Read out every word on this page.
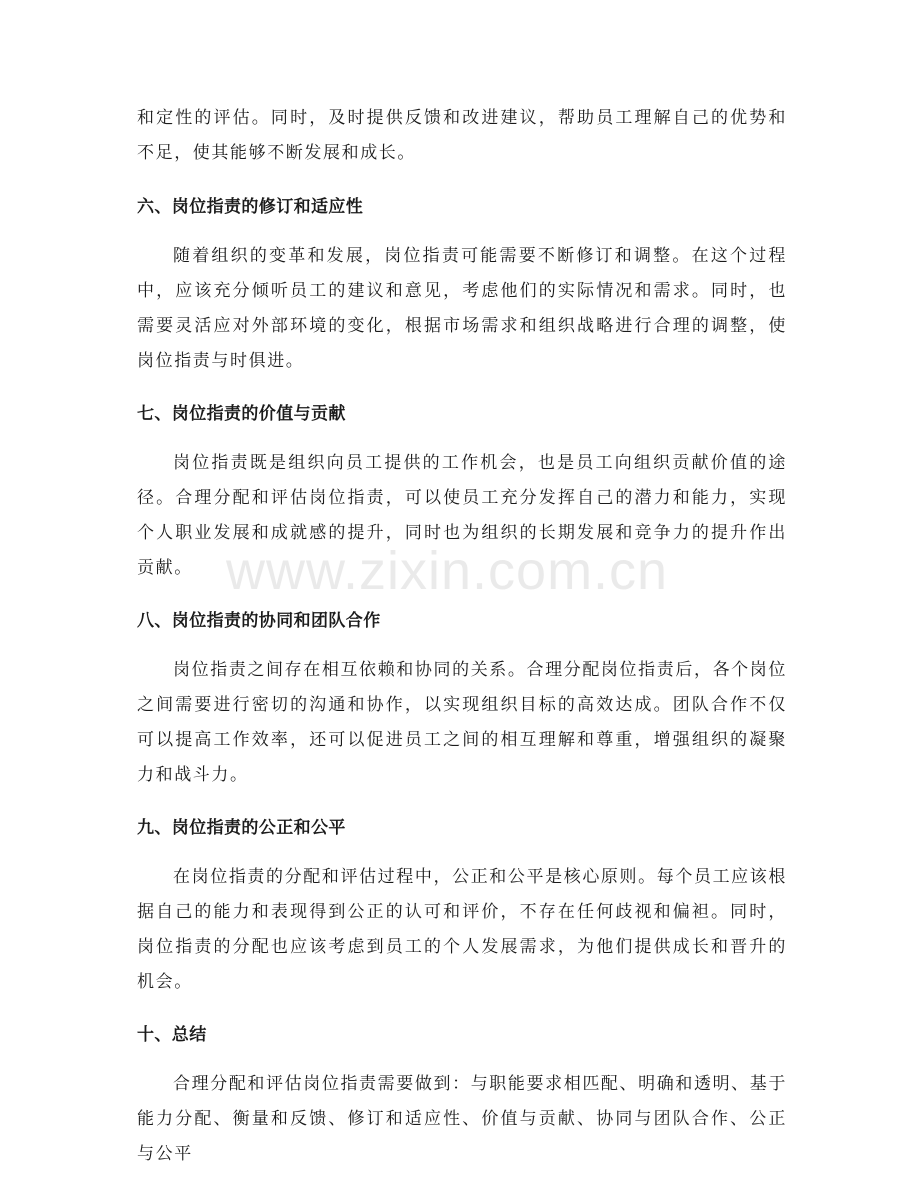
和定性的评估。同时，及时提供反馈和改进建议，帮助员工理解自己的优势和不足，使其能够不断发展和成长。

六、岗位指责的修订和适应性

随着组织的变革和发展，岗位指责可能需要不断修订和调整。在这个过程中，应该充分倾听员工的建议和意见，考虑他们的实际情况和需求。同时，也需要灵活应对外部环境的变化，根据市场需求和组织战略进行合理的调整，使岗位指责与时俱进。

七、岗位指责的价值与贡献

岗位指责既是组织向员工提供的工作机会，也是员工向组织贡献价值的途径。合理分配和评估岗位指责，可以使员工充分发挥自己的潜力和能力，实现个人职业发展和成就感的提升，同时也为组织的长期发展和竞争力的提升作出贡献。

八、岗位指责的协同和团队合作

岗位指责之间存在相互依赖和协同的关系。合理分配岗位指责后，各个岗位之间需要进行密切的沟通和协作，以实现组织目标的高效达成。团队合作不仅可以提高工作效率，还可以促进员工之间的相互理解和尊重，增强组织的凝聚力和战斗力。

九、岗位指责的公正和公平

在岗位指责的分配和评估过程中，公正和公平是核心原则。每个员工应该根据自己的能力和表现得到公正的认可和评价，不存在任何歧视和偏袒。同时，岗位指责的分配也应该考虑到员工的个人发展需求，为他们提供成长和晋升的机会。

十、总结

合理分配和评估岗位指责需要做到：与职能要求相匹配、明确和透明、基于能力分配、衡量和反馈、修订和适应性、价值与贡献、协同与团队合作、公正与公平

www.zixin.com.cn
